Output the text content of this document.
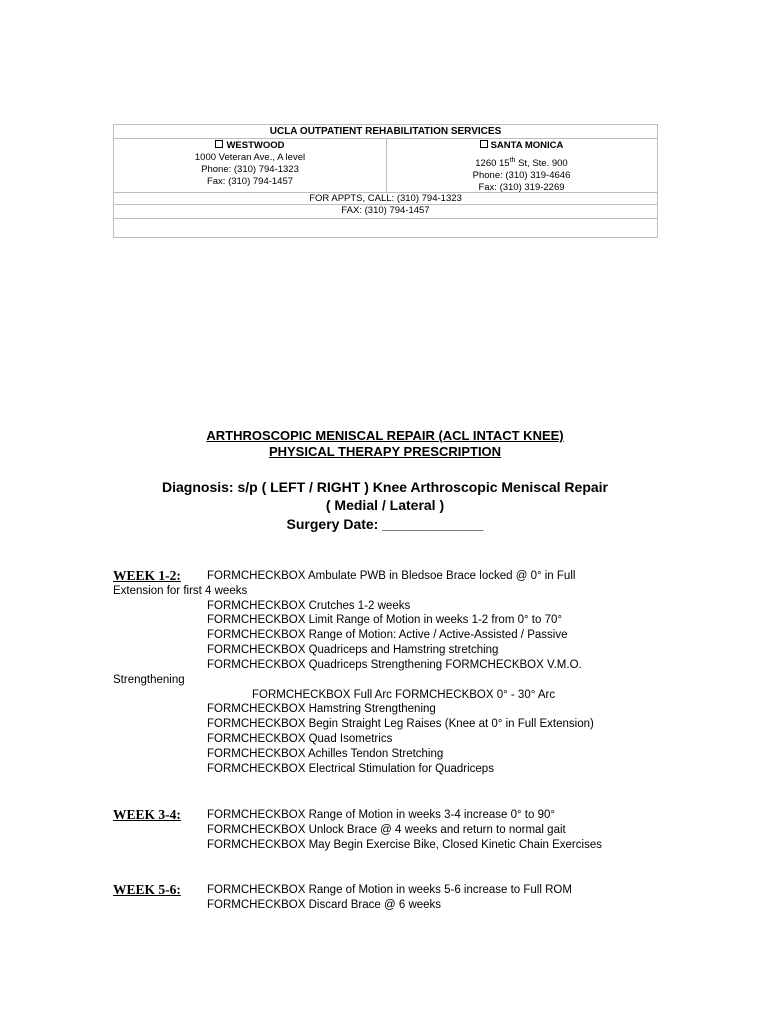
UCLA OUTPATIENT REHABILITATION SERVICES
WESTWOOD
1000 Veteran Ave., A level
Phone: (310) 794-1323
Fax: (310) 794-1457
SANTA MONICA
1260 15th St, Ste. 900
Phone: (310) 319-4646
Fax: (310) 319-2269
FOR APPTS, CALL: (310) 794-1323
FAX: (310) 794-1457
ARTHROSCOPIC MENISCAL REPAIR (ACL INTACT KNEE)
PHYSICAL THERAPY PRESCRIPTION
Diagnosis: s/p ( LEFT / RIGHT ) Knee Arthroscopic Meniscal Repair
( Medial / Lateral )
Surgery Date: _____________
WEEK 1-2: FORMCHECKBOX Ambulate PWB in Bledsoe Brace locked @ 0° in Full
Extension for first 4 weeks
FORMCHECKBOX Crutches 1-2 weeks
FORMCHECKBOX Limit Range of Motion in weeks 1-2 from 0° to 70°
FORMCHECKBOX Range of Motion: Active / Active-Assisted / Passive
FORMCHECKBOX Quadriceps and Hamstring stretching
FORMCHECKBOX Quadriceps Strengthening FORMCHECKBOX V.M.O.
Strengthening
FORMCHECKBOX Full Arc FORMCHECKBOX 0° - 30° Arc
FORMCHECKBOX Hamstring Strengthening
FORMCHECKBOX Begin Straight Leg Raises (Knee at 0° in Full Extension)
FORMCHECKBOX Quad Isometrics
FORMCHECKBOX Achilles Tendon Stretching
FORMCHECKBOX Electrical Stimulation for Quadriceps
WEEK 3-4: FORMCHECKBOX Range of Motion in weeks 3-4 increase 0° to 90°
FORMCHECKBOX Unlock Brace @ 4 weeks and return to normal gait
FORMCHECKBOX May Begin Exercise Bike, Closed Kinetic Chain Exercises
WEEK 5-6: FORMCHECKBOX Range of Motion in weeks 5-6 increase to Full ROM
FORMCHECKBOX Discard Brace @ 6 weeks
